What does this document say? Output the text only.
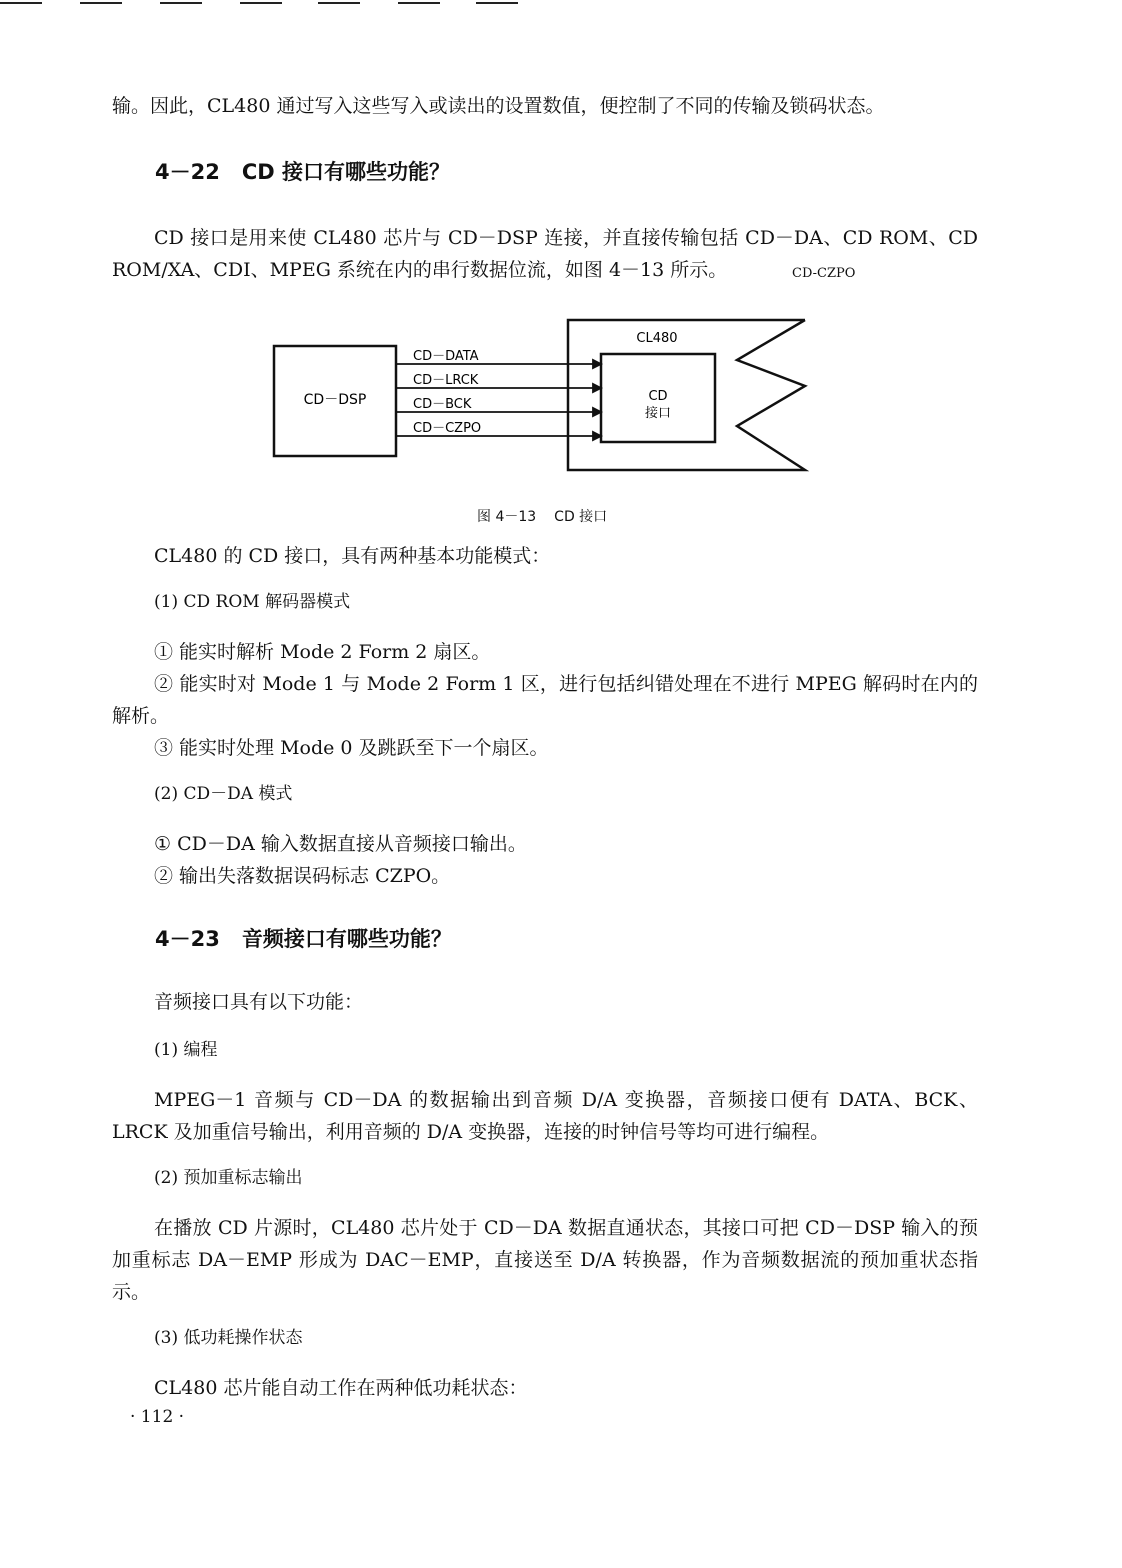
输。因此，CL480 通过写入这些写入或读出的设置数值，便控制了不同的传输及锁码状态。
4－22 CD 接口有哪些功能？
CD 接口是用来使 CL480 芯片与 CD－DSP 连接，并直接传输包括 CD－DA、CD ROM、CD ROM/XA、CDI、MPEG 系统在内的串行数据位流，如图 4－13 所示。	CD-CZPO
CD－DSP
CL480
CD
接口
CD－DATA
CD－LRCK
CD－BCK
CD－CZPO
图 4－13 CD 接口
CL480 的 CD 接口，具有两种基本功能模式：
(1) CD ROM 解码器模式
① 能实时解析 Mode 2 Form 2 扇区。
② 能实时对 Mode 1 与 Mode 2 Form 1 区，进行包括纠错处理在不进行 MPEG 解码时在内的解析。
③ 能实时处理 Mode 0 及跳跃至下一个扇区。
(2) CD－DA 模式
① CD－DA 输入数据直接从音频接口输出。
② 输出失落数据误码标志 CZPO。
4－23 音频接口有哪些功能？
音频接口具有以下功能：
(1) 编程
MPEG－1 音频与 CD－DA 的数据输出到音频 D/A 变换器，音频接口便有 DATA、BCK、LRCK 及加重信号输出，利用音频的 D/A 变换器，连接的时钟信号等均可进行编程。
(2) 预加重标志输出
在播放 CD 片源时，CL480 芯片处于 CD－DA 数据直通状态，其接口可把 CD－DSP 输入的预加重标志 DA－EMP 形成为 DAC－EMP，直接送至 D/A 转换器，作为音频数据流的预加重状态指示。
(3) 低功耗操作状态
CL480 芯片能自动工作在两种低功耗状态：
· 112 ·
